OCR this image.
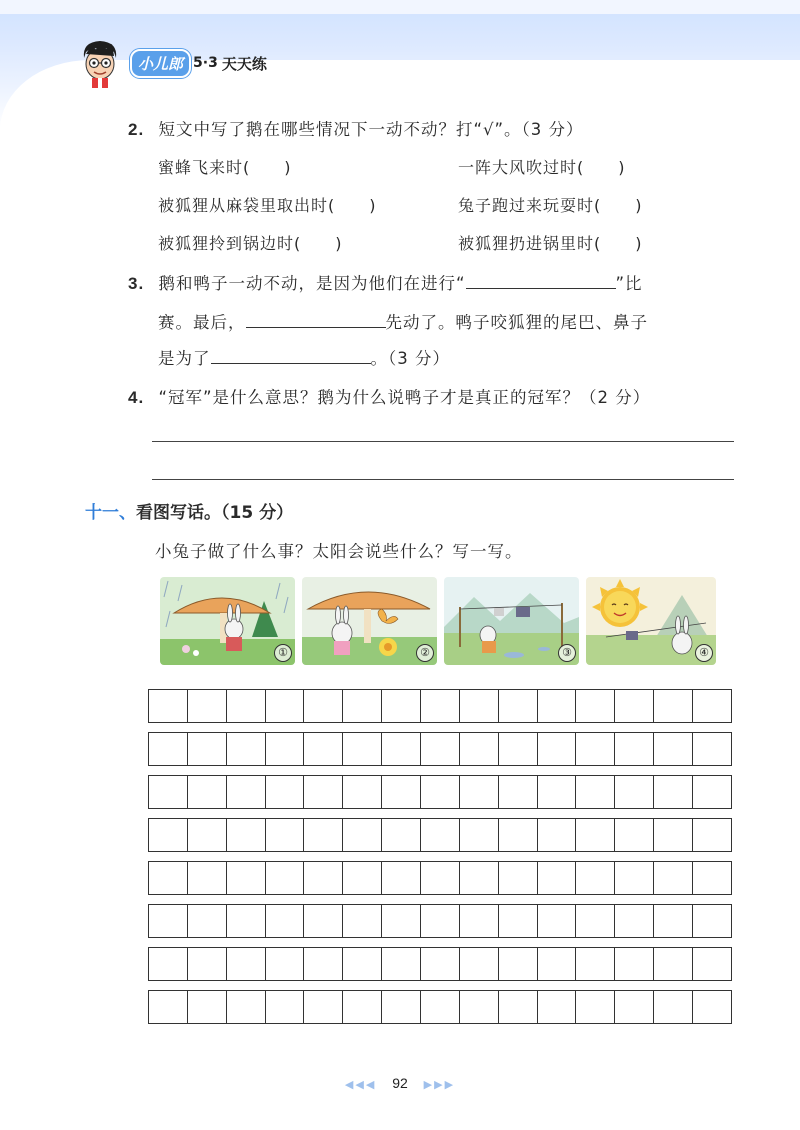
小儿郎 5·3 天天练
2. 短文中写了鹅在哪些情况下一动不动？打“√”。（3 分）
蜜蜂飞来时(　　)	一阵大风吹过时(　　)
被狐狸从麻袋里取出时(　　)	兔子跑过来玩耍时(　　)
被狐狸拎到锅边时(　　)	被狐狸扔进锅里时(　　)
3. 鹅和鸭子一动不动，是因为他们在进行“	”比
赛。最后，	先动了。鸭子咬狐狸的尾巴、鼻子
是为了	。（3 分）
4. “冠军”是什么意思？鹅为什么说鸭子才是真正的冠军？（2 分）
十一、看图写话。（15 分）
小兔子做了什么事？太阳会说些什么？写一写。
①	②	③	④
◀◀◀ 92 ▶▶▶
